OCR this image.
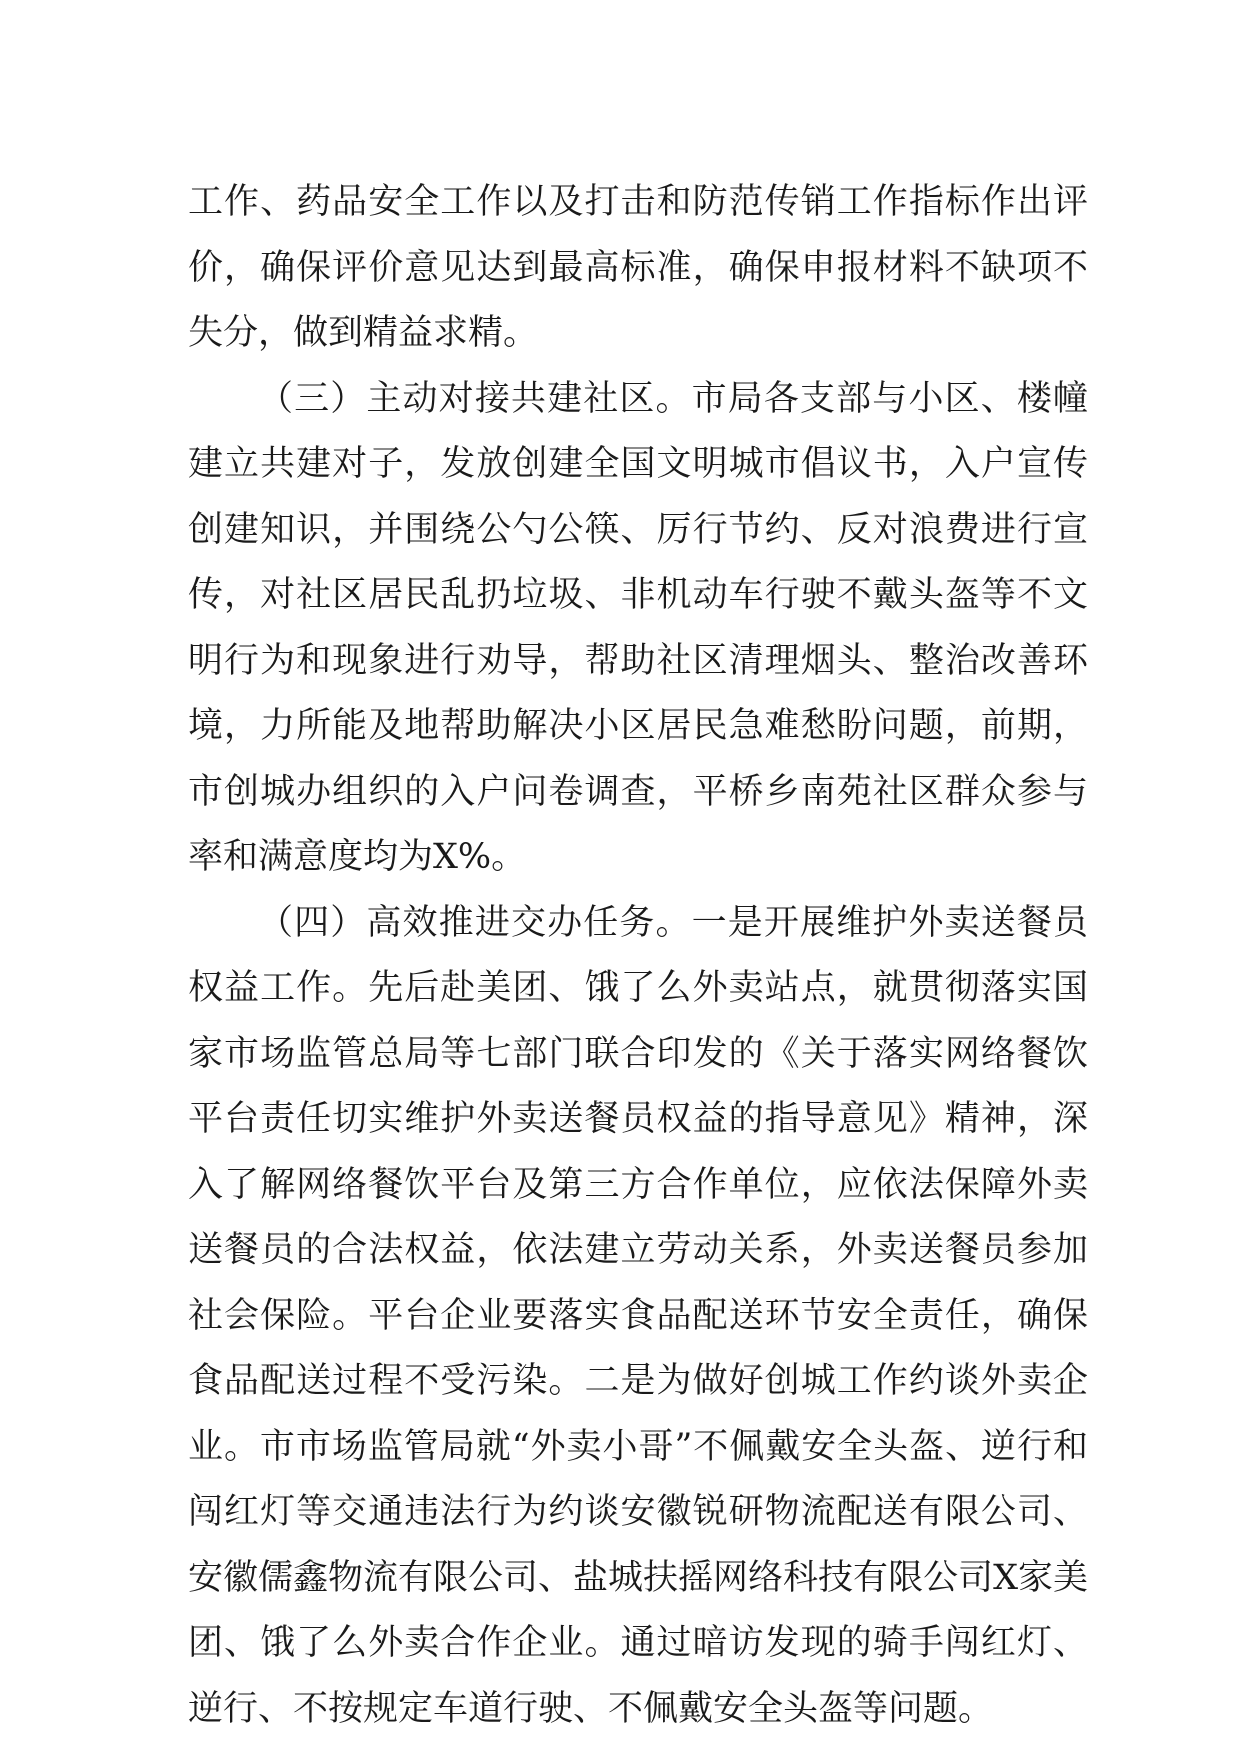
工作、药品安全工作以及打击和防范传销工作指标作出评价，确保评价意见达到最高标准，确保申报材料不缺项不失分，做到精益求精。

（三）主动对接共建社区。市局各支部与小区、楼幢建立共建对子，发放创建全国文明城市倡议书，入户宣传创建知识，并围绕公勺公筷、厉行节约、反对浪费进行宣传，对社区居民乱扔垃圾、非机动车行驶不戴头盔等不文明行为和现象进行劝导，帮助社区清理烟头、整治改善环境，力所能及地帮助解决小区居民急难愁盼问题，前期，市创城办组织的入户问卷调查，平桥乡南苑社区群众参与率和满意度均为X%。

（四）高效推进交办任务。一是开展维护外卖送餐员权益工作。先后赴美团、饿了么外卖站点，就贯彻落实国家市场监管总局等七部门联合印发的《关于落实网络餐饮平台责任切实维护外卖送餐员权益的指导意见》精神，深入了解网络餐饮平台及第三方合作单位，应依法保障外卖送餐员的合法权益，依法建立劳动关系，外卖送餐员参加社会保险。平台企业要落实食品配送环节安全责任，确保食品配送过程不受污染。二是为做好创城工作约谈外卖企业。市市场监管局就“外卖小哥”不佩戴安全头盔、逆行和闯红灯等交通违法行为约谈安徽锐研物流配送有限公司、安徽儒鑫物流有限公司、盐城扶摇网络科技有限公司X家美团、饿了么外卖合作企业。通过暗访发现的骑手闯红灯、逆行、不按规定车道行驶、不佩戴安全头盔等问题。
